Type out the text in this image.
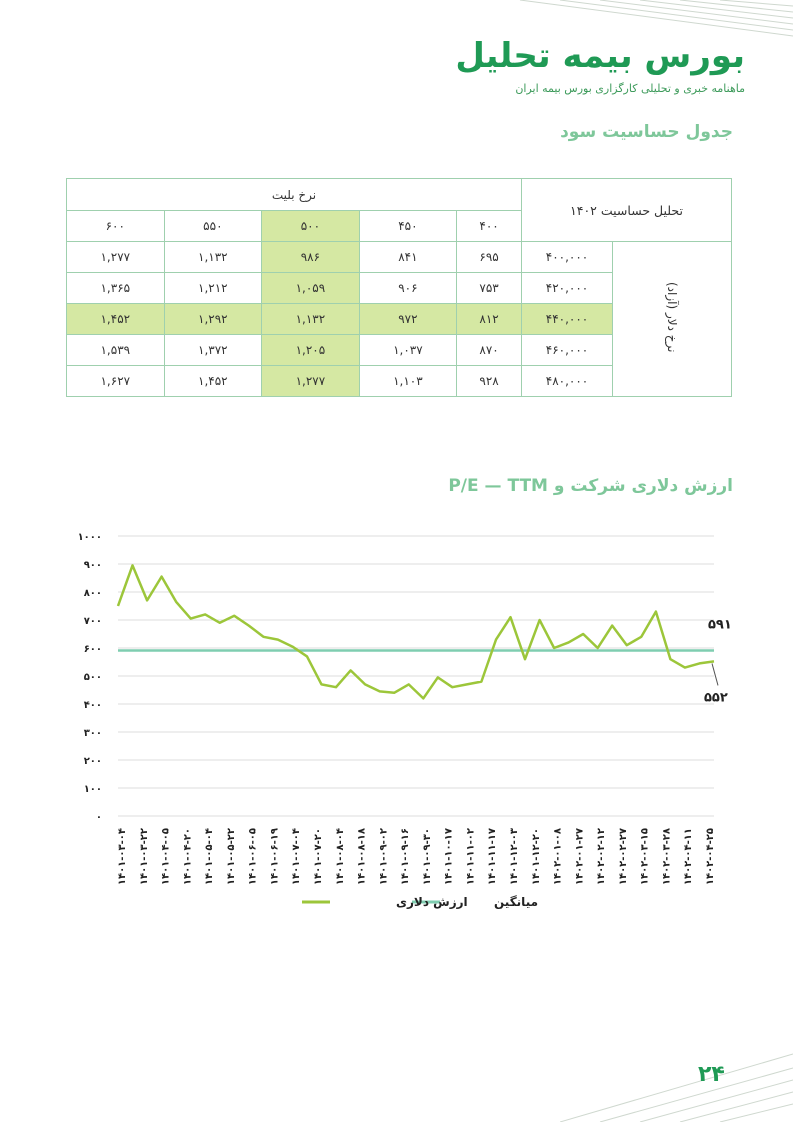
بورس بیمه تحلیل
ماهنامه خبری و تحلیلی کارگزاری بورس بیمه ایران
جدول حساسیت سود
تحلیل حساسیت ۱۴۰۲		نرخ بلیت				
		۴۰۰	۴۵۰	۵۰۰	۵۵۰	۶۰۰
نرخ دلار (آزاد)	۴۰۰,۰۰۰	۶۹۵	۸۴۱	۹۸۶	۱,۱۳۲	۱,۲۷۷
	۴۲۰,۰۰۰	۷۵۳	۹۰۶	۱,۰۵۹	۱,۲۱۲	۱,۳۶۵
	۴۴۰,۰۰۰	۸۱۲	۹۷۲	۱,۱۳۲	۱,۲۹۲	۱,۴۵۲
	۴۶۰,۰۰۰	۸۷۰	۱,۰۳۷	۱,۲۰۵	۱,۳۷۲	۱,۵۳۹
	۴۸۰,۰۰۰	۹۲۸	۱,۱۰۳	۱,۲۷۷	۱,۴۵۲	۱,۶۲۷
ارزش دلاری شرکت و P/E — TTM
۰
۱۰۰
۲۰۰
۳۰۰
۴۰۰
۵۰۰
۶۰۰
۷۰۰
۸۰۰
۹۰۰
۱۰۰۰
۱۴۰۱-۰۳-۰۴ ۱۴۰۱-۰۳-۲۲ ۱۴۰۱-۰۴-۰۵ ۱۴۰۱-۰۴-۲۰ ۱۴۰۱-۰۵-۰۴ ۱۴۰۱-۰۵-۲۲ ۱۴۰۱-۰۶-۰۵ ۱۴۰۱-۰۶-۱۹ ۱۴۰۱-۰۷-۰۴ ۱۴۰۱-۰۷-۲۰ ۱۴۰۱-۰۸-۰۴ ۱۴۰۱-۰۸-۱۸ ۱۴۰۱-۰۹-۰۲ ۱۴۰۱-۰۹-۱۶ ۱۴۰۱-۰۹-۳۰ ۱۴۰۱-۱۰-۱۷ ۱۴۰۱-۱۱-۰۲ ۱۴۰۱-۱۱-۱۷ ۱۴۰۱-۱۲-۰۳ ۱۴۰۱-۱۲-۲۰ ۱۴۰۲-۰۱-۰۸ ۱۴۰۲-۰۱-۲۷ ۱۴۰۲-۰۲-۱۲ ۱۴۰۲-۰۲-۲۷ ۱۴۰۲-۰۳-۱۵ ۱۴۰۲-۰۳-۲۸ ۱۴۰۲-۰۴-۱۱ ۱۴۰۲-۰۴-۲۵
۵۹۱
۵۵۲
میانگین
ارزش دلاری
۲۴
